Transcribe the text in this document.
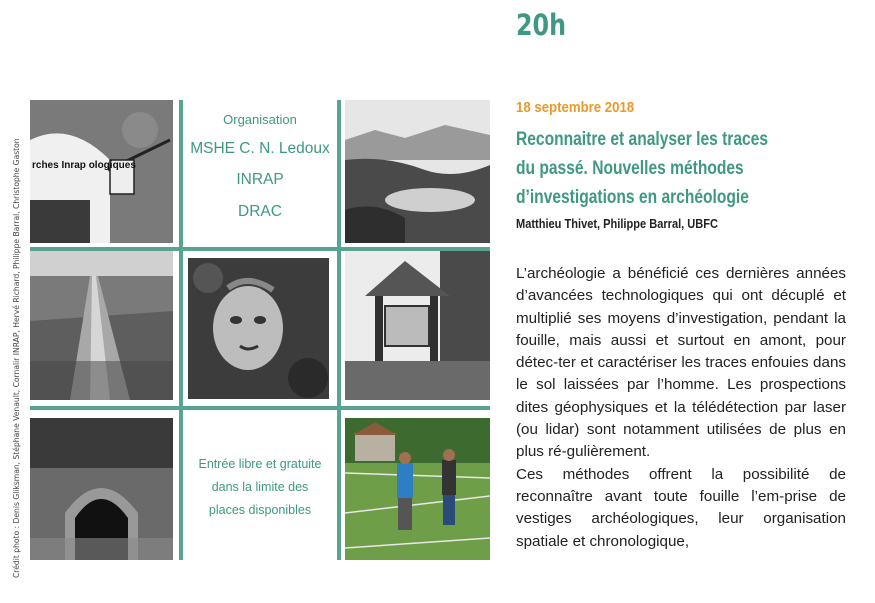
Crédit photo : Denis Gliksman, Stéphane Venault, Cornalir INRAP, Hervé Richard, Philippe Barral, Christophe Gaston rches Inrap ologiques
Organisation
MSHE C. N. Ledoux
INRAP
DRAC
Entrée libre et gratuite
dans la limite des
places disponibles
20h
18 septembre 2018
Reconnaitre et analyser les traces
du passé. Nouvelles méthodes
d’investigations en archéologie
Matthieu Thivet, Philippe Barral, UBFC

L’archéologie a bénéficié ces dernières années d’avancées technologiques qui ont décuplé et multiplié ses moyens d’investigation, pendant la fouille, mais aussi et surtout en amont, pour détec-ter et caractériser les traces enfouies dans le sol laissées par l’homme. Les prospections dites géophysiques et la télédétection par laser (ou lidar) sont notamment utilisées de plus en plus ré-gulièrement.

Ces méthodes offrent la possibilité de reconnaître avant toute fouille l’em-prise de vestiges archéologiques, leur organisation spatiale et chronologique,
